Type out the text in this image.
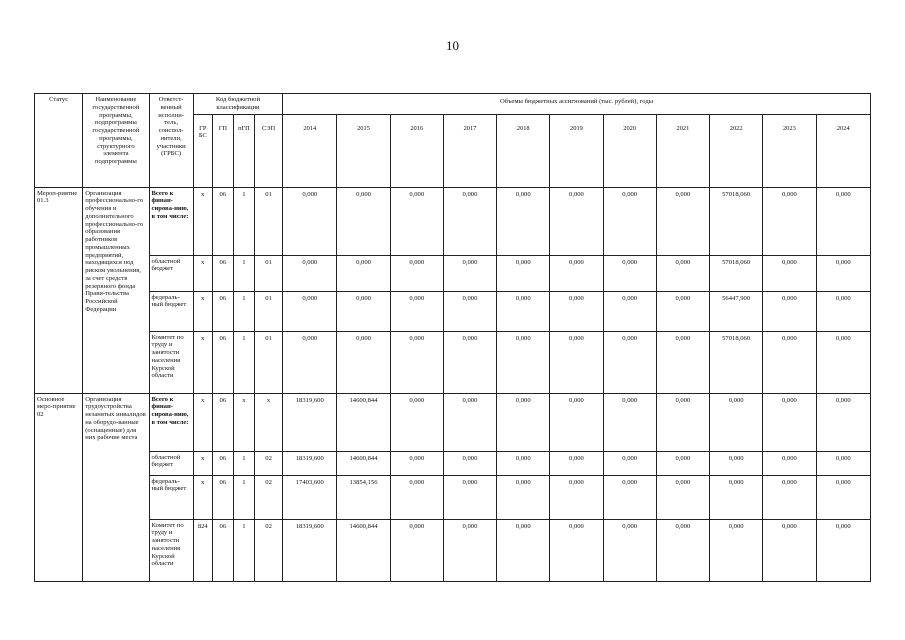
10
Статус	Наименование государственной программы, подпрограммы государственной программы, структурного элемента подпрограммы	Ответст-венный исполни-тель, соиспол-нители, участники (ГРБС)	Код бюджетной классификации				Объемы бюджетных ассигнований (тыс. рублей), годы										
			ГР БС	ГП	пГП	СЭП	2014	2015	2016	2017	2018	2019	2020	2021	2022	2023	2024
Мероп-риятие 01.3	Организация профессионально-го обучения и дополнительного профессионально-го образования работников промышленных предприятий, находящихся под риском увольнения, за счет средств резервного фонда Прави-тельства Российской Федерации	Всего к финан-сирова-нию, в том числе:	х	06	1	01	0,000	0,000	0,000	0,000	0,000	0,000	0,000	0,000	57018,060	0,000	0,000
		областной бюджет	х	06	1	01	0,000	0,000	0,000	0,000	0,000	0,000	0,000	0,000	57018,060	0,000	0,000
		федераль-ный бюджет	х	06	1	01	0,000	0,000	0,000	0,000	0,000	0,000	0,000	0,000	56447,900	0,000	0,000
		Комитет по труду и занятости населения Курской области	х	06	1	01	0,000	0,000	0,000	0,000	0,000	0,000	0,000	0,000	57018,060	0,000	0,000
Основное меро-приятие 02	Организация трудоустройства незанятых инвалидов на оборудо-ванные (оснащенные) для них рабочие места	Всего к финан-сирова-нию, в том числе:	х	06	х	х	18319,600	14600,844	0,000	0,000	0,000	0,000	0,000	0,000	0,000	0,000	0,000
		областной бюджет	х	06	1	02	18319,600	14600,844	0,000	0,000	0,000	0,000	0,000	0,000	0,000	0,000	0,000
		федераль-ный бюджет	х	06	1	02	17403,600	13854,156	0,000	0,000	0,000	0,000	0,000	0,000	0,000	0,000	0,000
		Комитет по труду и занятости населения Курской области	824	06	1	02	18319,600	14600,844	0,000	0,000	0,000	0,000	0,000	0,000	0,000	0,000	0,000
